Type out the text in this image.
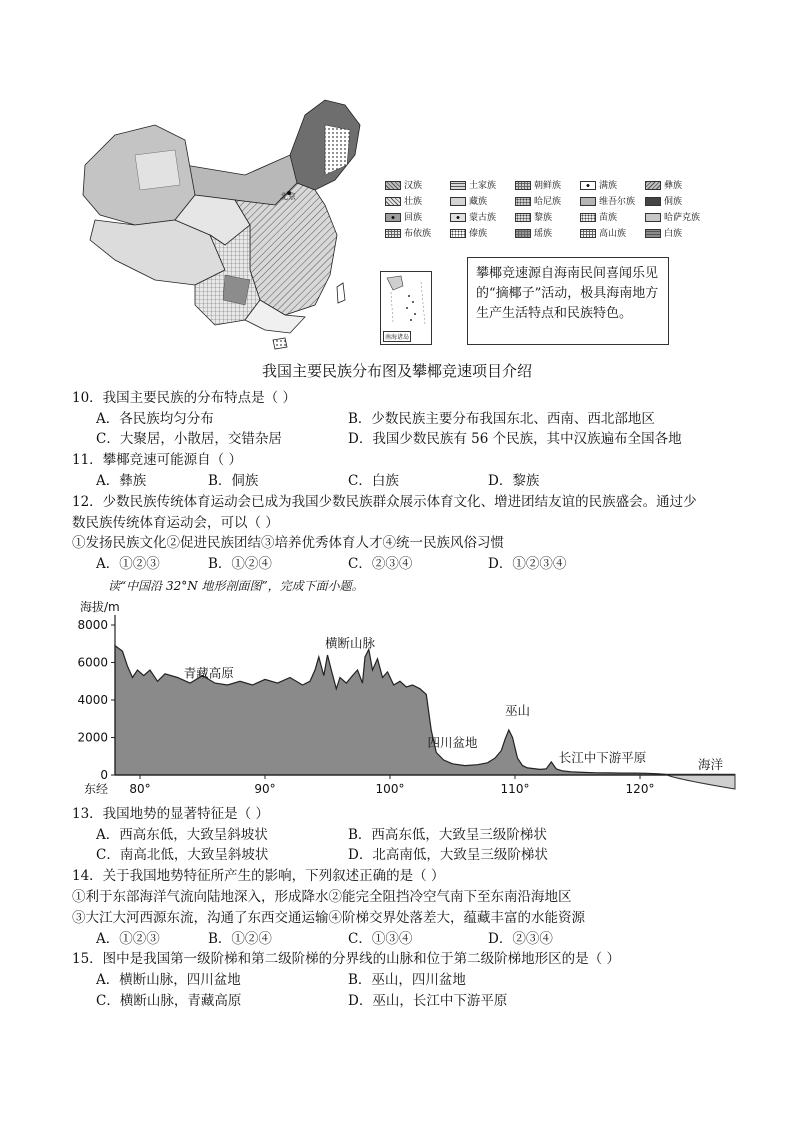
北京
南海诸岛
汉族	土家族	朝鲜族	满族	彝族
壮族	藏族	哈尼族	维吾尔族	侗族
回族	蒙古族	黎族	苗族	哈萨克族
布依族	傣族	瑶族	高山族	白族
攀椰竞速源自海南民间喜闻乐见的“摘椰子”活动，极具海南地方生产生活特点和民族特色。
我国主要民族分布图及攀椰竞速项目介绍
10．我国主要民族的分布特点是（ ）
A．各民族均匀分布	B．少数民族主要分布我国东北、西南、西北部地区
C．大聚居，小散居，交错杂居	D．我国少数民族有 56 个民族，其中汉族遍布全国各地
11．攀椰竞速可能源自（ ）
A．彝族	B．侗族	C．白族	D．黎族
12．少数民族传统体育运动会已成为我国少数民族群众展示体育文化、增进团结友谊的民族盛会。通过少
数民族传统体育运动会，可以（ ）
①发扬民族文化②促进民族团结③培养优秀体育人才④统一民族风俗习惯
A．①②③	B．①②④	C．②③④	D．①②③④
读“中国沿 32°N 地形剖面图”，完成下面小题。
0
2000
4000
6000
8000
80°	90°	100°	110°	120°
海拔/m
东经
海洋
青藏高原
横断山脉
四川盆地
巫山
长江中下游平原
13．我国地势的显著特征是（ ）
A．西高东低，大致呈斜坡状	B．西高东低，大致呈三级阶梯状
C．南高北低，大致呈斜坡状	D．北高南低，大致呈三级阶梯状
14．关于我国地势特征所产生的影响，下列叙述正确的是（ ）
①利于东部海洋气流向陆地深入，形成降水②能完全阻挡冷空气南下至东南沿海地区
③大江大河西源东流，沟通了东西交通运输④阶梯交界处落差大，蕴藏丰富的水能资源
A．①②③	B．①②④	C．①③④	D．②③④
15．图中是我国第一级阶梯和第二级阶梯的分界线的山脉和位于第二级阶梯地形区的是（ ）
A．横断山脉，四川盆地	B．巫山，四川盆地
C．横断山脉，青藏高原	D．巫山，长江中下游平原
